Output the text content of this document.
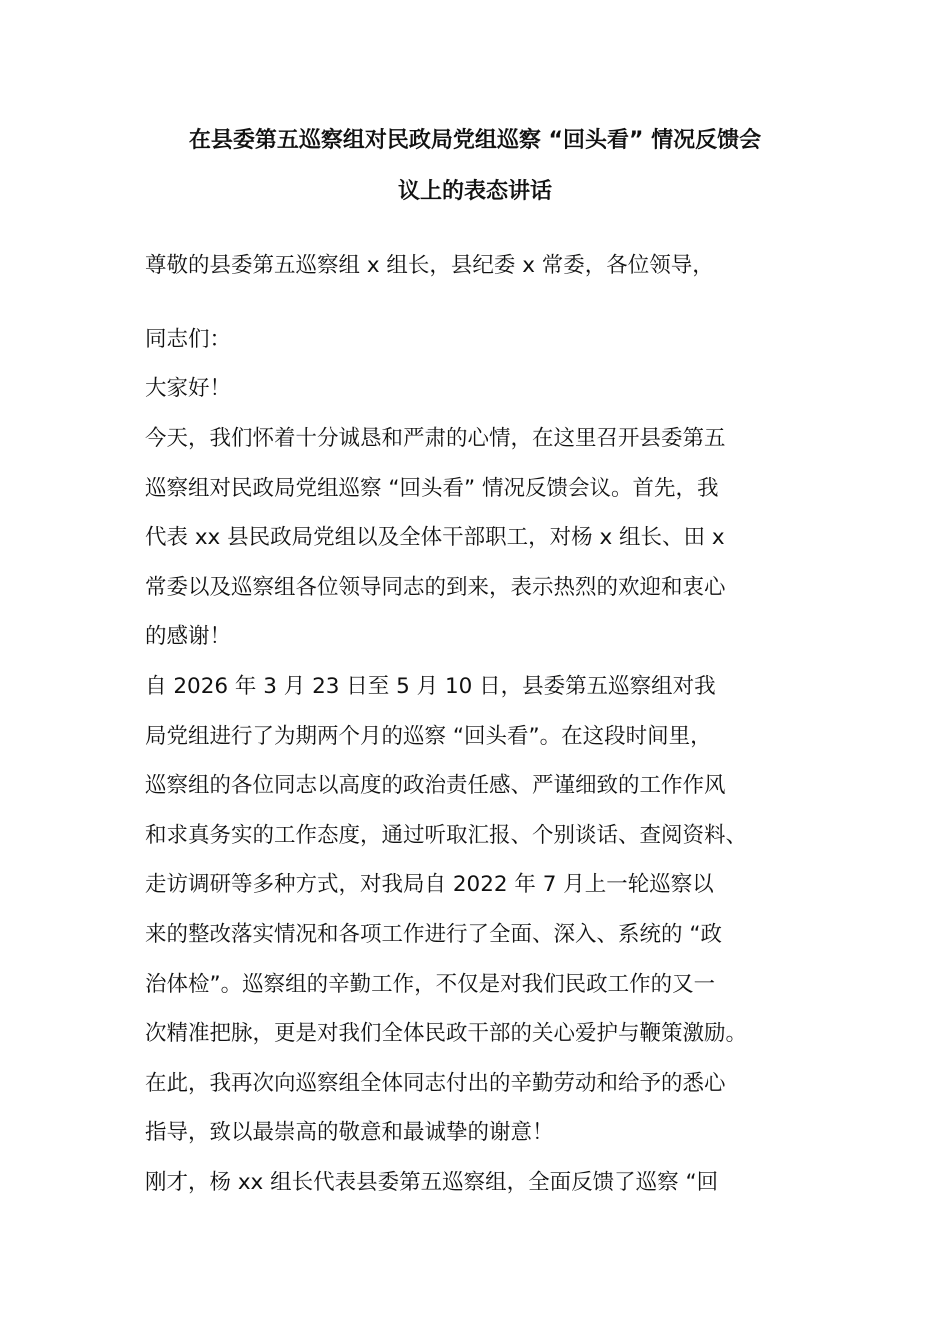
在县委第五巡察组对民政局党组巡察 “回头看” 情况反馈会
议上的表态讲话
尊敬的县委第五巡察组 x 组长，县纪委 x 常委，各位领导，
同志们：
大家好！
今天，我们怀着十分诚恳和严肃的心情，在这里召开县委第五
巡察组对民政局党组巡察 “回头看” 情况反馈会议。首先，我
代表 xx 县民政局党组以及全体干部职工，对杨 x 组长、田 x
常委以及巡察组各位领导同志的到来，表示热烈的欢迎和衷心
的感谢！
自 2026 年 3 月 23 日至 5 月 10 日，县委第五巡察组对我
局党组进行了为期两个月的巡察 “回头看”。在这段时间里，
巡察组的各位同志以高度的政治责任感、严谨细致的工作作风
和求真务实的工作态度，通过听取汇报、个别谈话、查阅资料、
走访调研等多种方式，对我局自 2022 年 7 月上一轮巡察以
来的整改落实情况和各项工作进行了全面、深入、系统的 “政
治体检”。巡察组的辛勤工作，不仅是对我们民政工作的又一
次精准把脉，更是对我们全体民政干部的关心爱护与鞭策激励。
在此，我再次向巡察组全体同志付出的辛勤劳动和给予的悉心
指导，致以最崇高的敬意和最诚挚的谢意！
刚才，杨 xx 组长代表县委第五巡察组，全面反馈了巡察 “回
